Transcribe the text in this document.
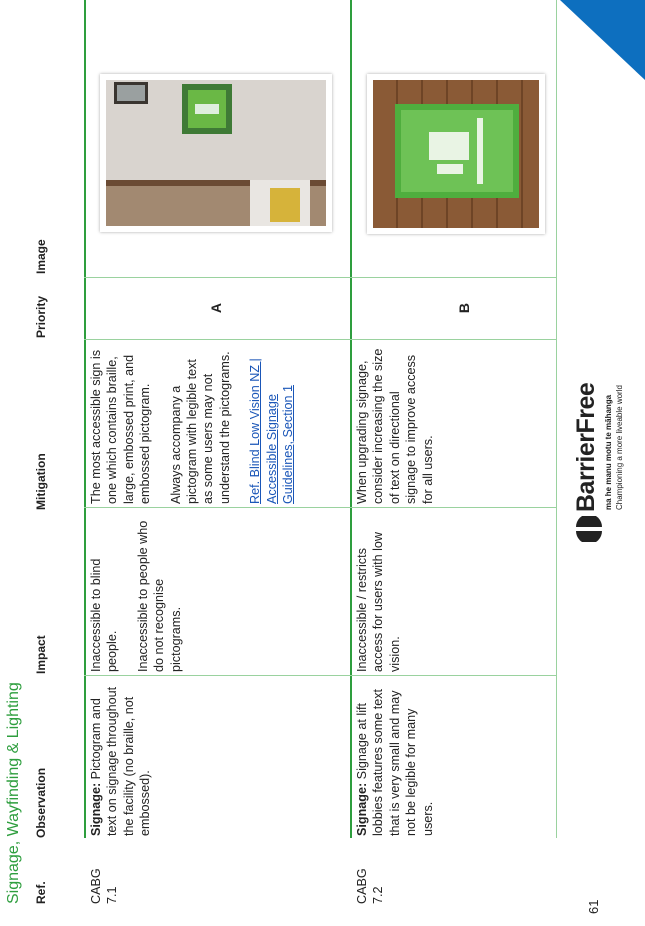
61
Signage, Wayfinding & Lighting
Ref.
Observation
Impact
Mitigation
Priority
Image
CABG 7.1
Signage: Pictogram and text on signage throughout the facility (no braille, not embossed).

Inaccessible to blind people. Inaccessible to people who do not recognise pictograms.

The most accessible sign is one which contains braille, large, embossed print, and embossed pictogram. Always accompany a pictogram with legible text as some users may not understand the pictograms. Ref. Blind Low Vision NZ | Accessible Signage Guidelines, Section 1
A
CABG 7.2
Signage: Signage at lift lobbies features some text that is very small and may not be legible for many users.

Inaccessible / restricts access for users with low vision.

When upgrading signage, consider increasing the size of text on directional signage to improve access for all users.

B
BarrierFree ma he manu motu te māhanga Championing a more liveable world
